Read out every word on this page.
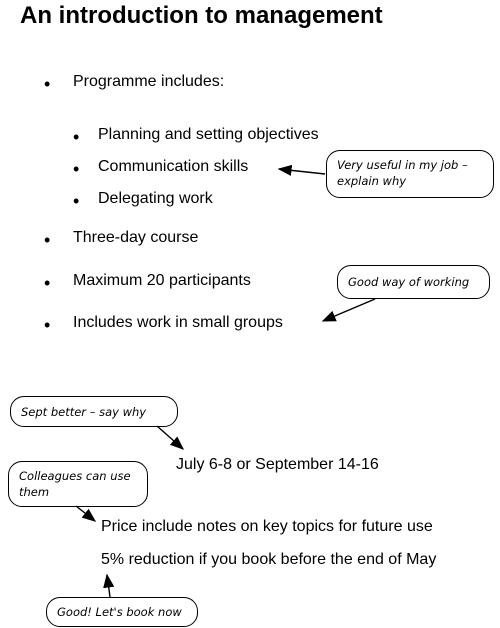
An introduction to management
• Programme includes:
• Planning and setting objectives
• Communication skills
• Delegating work
• Three-day course
• Maximum 20 participants
• Includes work in small groups
July 6-8 or September 14-16
Price include notes on key topics for future use
5% reduction if you book before the end of May
Very useful in my job –
explain why
Good way of working
Sept better – say why
Colleagues can use
them
Good! Let's book now
